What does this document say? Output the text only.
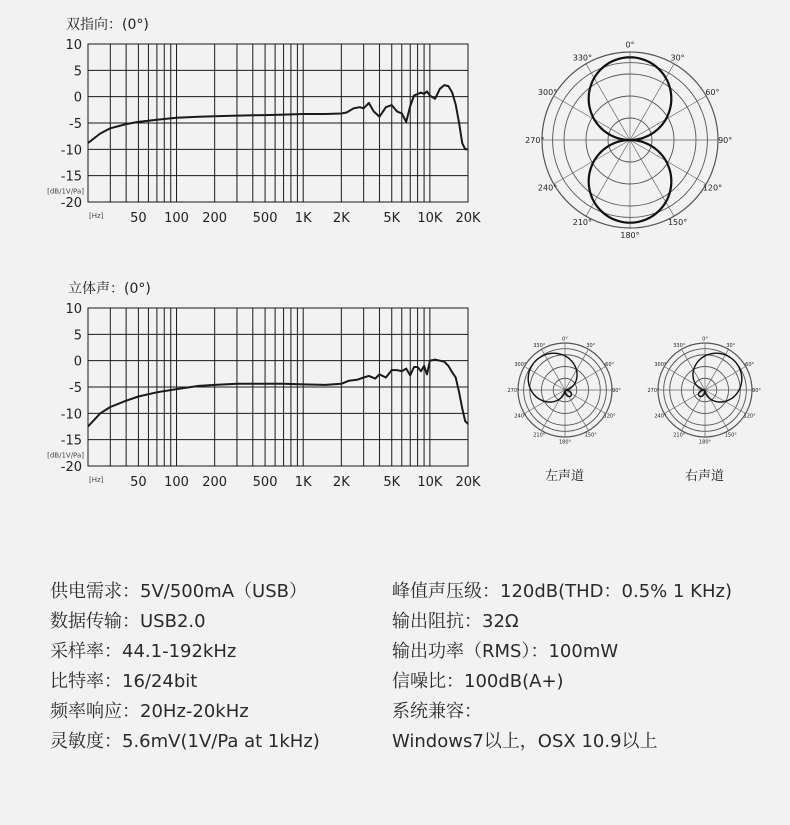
双指向：(0°)
10
5
0
-5
-10
-15
-20
[dB/1V/Pa]
[Hz] 50 100 200 500 1K 2K	5K 10K 20K
立体声：(0°)
10
5
0
-5
-10
-15
-20
[dB/1V/Pa]
[Hz] 50 100 200 500 1K 2K	5K 10K 20K
0°
30°
60°
90°
120°
150°
180°
210°
240°
270°
300°
330°
0°
30°
60°
90°
120°
150°
180°
210°
240°
270°
300°
330°
0°
30°
60°
90°
120°
150°
180°
210°
240°
270°
300°
330°
左声道	右声道
供电需求：5V/500mA（USB）
数据传输：USB2.0
采样率：44.1-192kHz
比特率：16/24bit
频率响应：20Hz-20kHz
灵敏度：5.6mV(1V/Pa at 1kHz)
峰值声压级：120dB(THD：0.5% 1 KHz)
输出阻抗：32Ω
输出功率（RMS）：100mW
信噪比：100dB(A+)
系统兼容：
Windows7以上，OSX 10.9以上
